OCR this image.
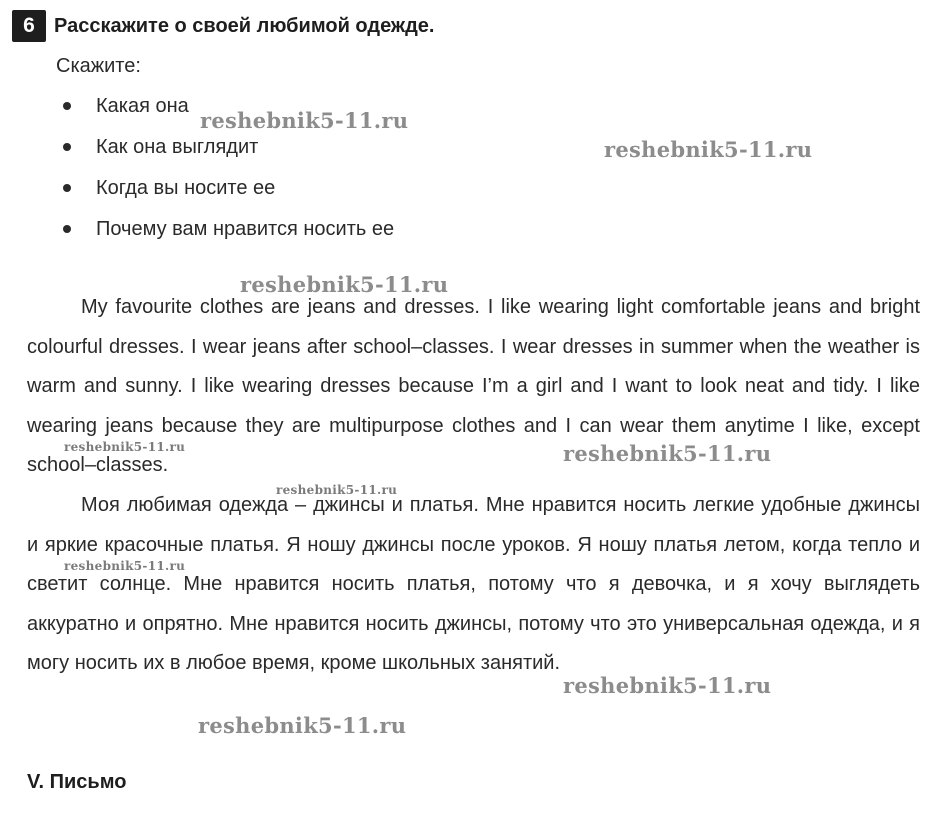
6 Расскажите о своей любимой одежде.
Скажите:
Какая она
Как она выглядит
Когда вы носите ее
Почему вам нравится носить ее

My favourite clothes are jeans and dresses. I like wearing light comfortable jeans and bright colourful dresses. I wear jeans after school–classes. I wear dresses in summer when the weather is warm and sunny. I like wearing dresses because I’m a girl and I want to look neat and tidy. I like wearing jeans because they are multipurpose clothes and I can wear them anytime I like, except school–classes.

Моя любимая одежда – джинсы и платья. Мне нравится носить легкие удобные джинсы и яркие красочные платья. Я ношу джинсы после уроков. Я ношу платья летом, когда тепло и светит солнце. Мне нравится носить платья, потому что я девочка, и я хочу выглядеть аккуратно и опрятно. Мне нравится носить джинсы, потому что это универсальная одежда, и я могу носить их в любое время, кроме школьных занятий.

V. Письмо
reshebnik5-11.ru
reshebnik5-11.ru
reshebnik5-11.ru
reshebnik5-11.ru	reshebnik5-11.ru
reshebnik5-11.ru
reshebnik5-11.ru
reshebnik5-11.ru
reshebnik5-11.ru
